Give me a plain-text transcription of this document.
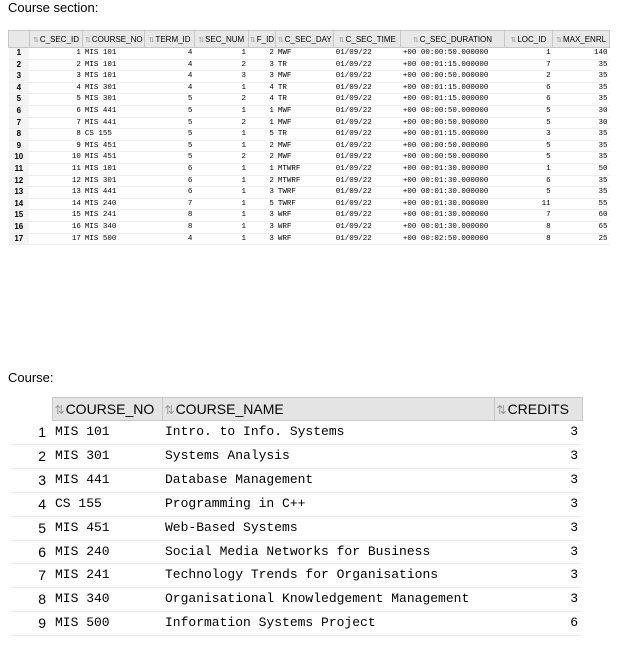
Course section:
	⇅C_SEC_ID	⇅COURSE_NO	⇅TERM_ID	⇅SEC_NUM	⇅F_ID	⇅C_SEC_DAY	⇅C_SEC_TIME	⇅C_SEC_DURATION	⇅LOC_ID	⇅MAX_ENRL
1	1	MIS 101	4	1	2	MWF	01/09/22	+00 00:00:50.000000	1	140
2	2	MIS 101	4	2	3	TR	01/09/22	+00 00:01:15.000000	7	35
3	3	MIS 101	4	3	3	MWF	01/09/22	+00 00:00:50.000000	2	35
4	4	MIS 301	4	1	4	TR	01/09/22	+00 00:01:15.000000	6	35
5	5	MIS 301	5	2	4	TR	01/09/22	+00 00:01:15.000000	6	35
6	6	MIS 441	5	1	1	MWF	01/09/22	+00 00:00:50.000000	5	30
7	7	MIS 441	5	2	1	MWF	01/09/22	+00 00:00:50.000000	5	30
8	8	CS 155	5	1	5	TR	01/09/22	+00 00:01:15.000000	3	35
9	9	MIS 451	5	1	2	MWF	01/09/22	+00 00:00:50.000000	5	35
10	10	MIS 451	5	2	2	MWF	01/09/22	+00 00:00:50.000000	5	35
11	11	MIS 101	6	1	1	MTWRF	01/09/22	+00 00:01:30.000000	1	50
12	12	MIS 301	6	1	2	MTWRF	01/09/22	+00 00:01:30.000000	6	35
13	13	MIS 441	6	1	3	TWRF	01/09/22	+00 00:01:30.000000	5	35
14	14	MIS 240	7	1	5	TWRF	01/09/22	+00 00:01:30.000000	11	55
15	15	MIS 241	8	1	3	WRF	01/09/22	+00 00:01:30.000000	7	60
16	16	MIS 340	8	1	3	WRF	01/09/22	+00 00:01:30.000000	8	65
17	17	MIS 500	4	1	3	WRF	01/09/22	+00 00:02:50.000000	8	25
Course:
	⇅COURSE_NO	⇅COURSE_NAME	⇅CREDITS
1	MIS 101	Intro. to Info. Systems	3
2	MIS 301	Systems Analysis	3
3	MIS 441	Database Management	3
4	CS 155	Programming in C++	3
5	MIS 451	Web-Based Systems	3
6	MIS 240	Social Media Networks for Business	3
7	MIS 241	Technology Trends for Organisations	3
8	MIS 340	Organisational Knowledgement Management	3
9	MIS 500	Information Systems Project	6
